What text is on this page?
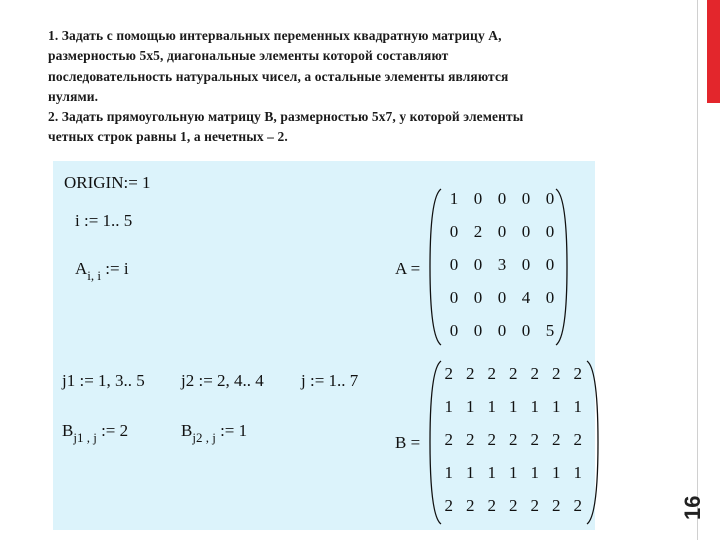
1. Задать с помощью интервальных переменных квадратную матрицу А,

размерностью 5х5, диагональные элементы которой составляют

последовательность натуральных чисел, а остальные элементы являются

нулями.

2. Задать прямоугольную матрицу В, размерностью 5х7, у которой элементы

четных строк равны 1, а нечетных – 2.

16
ORIGIN:= 1
i := 1.. 5
$A_{i, i}$ := i	A =
1 0 0 0 0
0 2 0 0 0
0 0 3 0 0
0 0 0 4 0
0 0 0 0 5
j1 := 1, 3.. 5 j2 := 2, 4.. 4 j := 1.. 7
$B_{j1 , j}$ := 2	$B_{j2 , j}$ := 1
B =
2 2 2 2 2 2 2
1 1 1 1 1 1 1
2 2 2 2 2 2 2
1 1 1 1 1 1 1
2 2 2 2 2 2 2
